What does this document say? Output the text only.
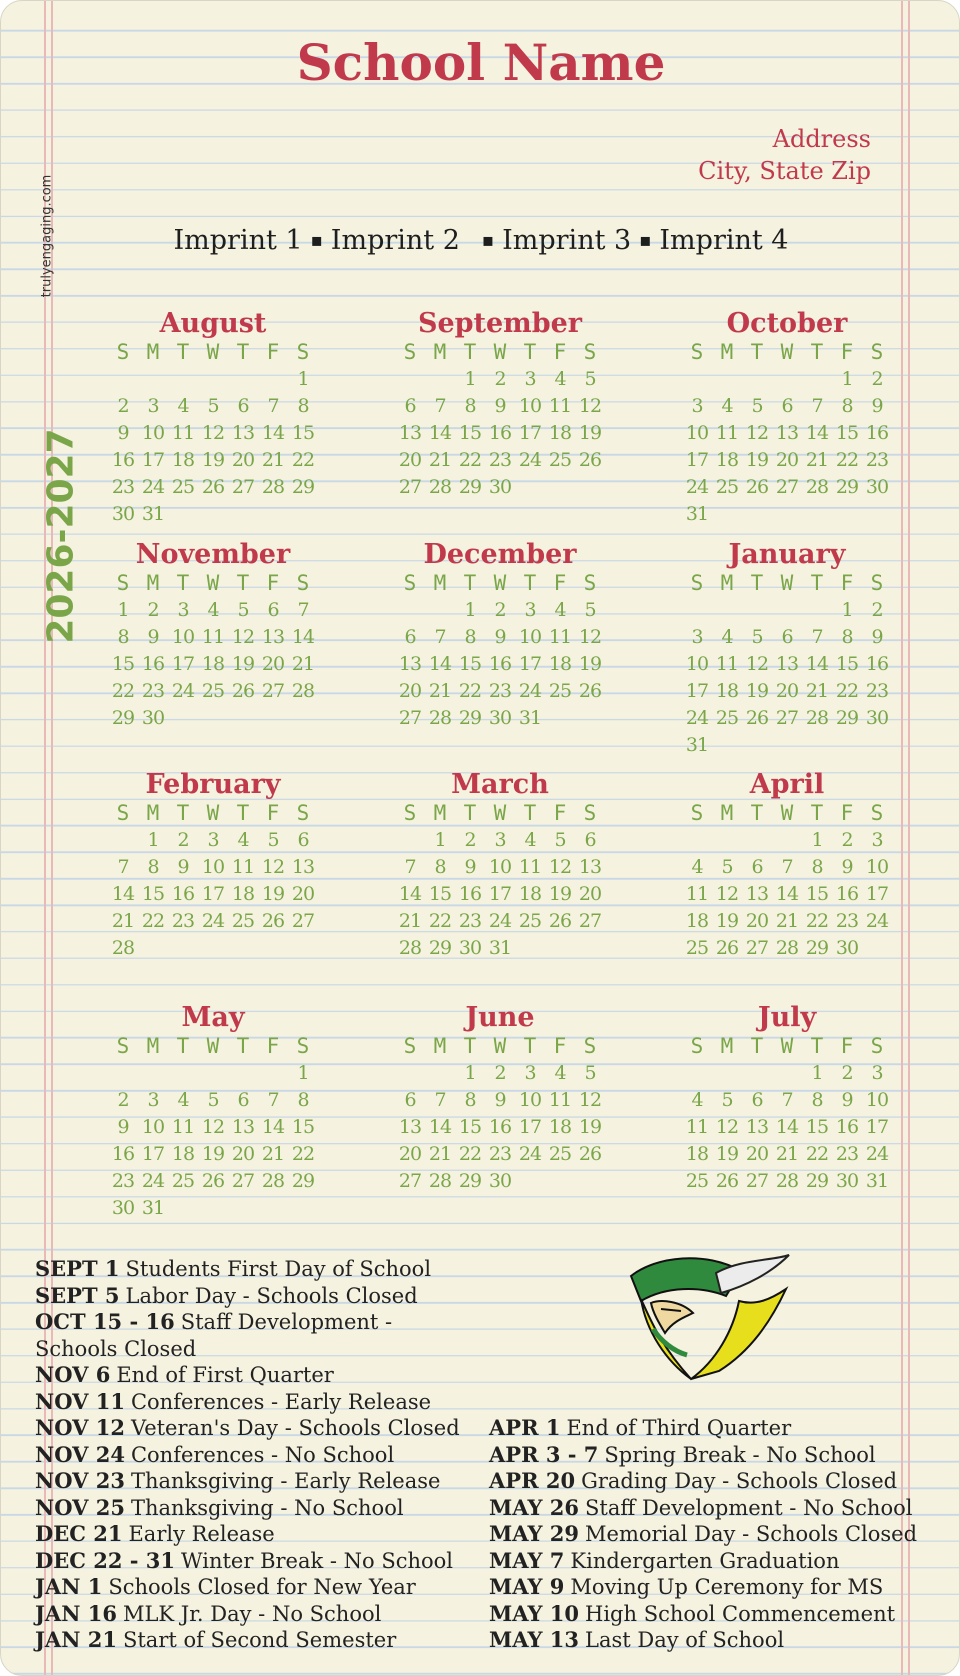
School Name
Address
City, State Zip
Imprint 1 ▪ Imprint 2 ▪ Imprint 3 ▪ Imprint 4
trulyengaging.com
2026-2027
August
S M T W T F S
1
2 3 4 5 6 7 8
9 10 11 12 13 14 15
16 17 18 19 20 21 22
23 24 25 26 27 28 29
30 31
September
S M T W T F S
1 2 3 4 5
6 7 8 9 10 11 12
13 14 15 16 17 18 19
20 21 22 23 24 25 26
27 28 29 30
October
S M T W T F S
1 2
3 4 5 6 7 8 9
10 11 12 13 14 15 16
17 18 19 20 21 22 23
24 25 26 27 28 29 30
31
November
S M T W T F S
1 2 3 4 5 6 7
8 9 10 11 12 13 14
15 16 17 18 19 20 21
22 23 24 25 26 27 28
29 30
December
S M T W T F S
1 2 3 4 5
6 7 8 9 10 11 12
13 14 15 16 17 18 19
20 21 22 23 24 25 26
27 28 29 30 31
January
S M T W T F S
1 2
3 4 5 6 7 8 9
10 11 12 13 14 15 16
17 18 19 20 21 22 23
24 25 26 27 28 29 30
31
February
S M T W T F S
1 2 3 4 5 6
7 8 9 10 11 12 13
14 15 16 17 18 19 20
21 22 23 24 25 26 27
28
March
S M T W T F S
1 2 3 4 5 6
7 8 9 10 11 12 13
14 15 16 17 18 19 20
21 22 23 24 25 26 27
28 29 30 31
April
S M T W T F S
1 2 3
4 5 6 7 8 9 10
11 12 13 14 15 16 17
18 19 20 21 22 23 24
25 26 27 28 29 30
May
S M T W T F S
1
2 3 4 5 6 7 8
9 10 11 12 13 14 15
16 17 18 19 20 21 22
23 24 25 26 27 28 29
30 31
June
S M T W T F S
1 2 3 4 5
6 7 8 9 10 11 12
13 14 15 16 17 18 19
20 21 22 23 24 25 26
27 28 29 30
July
S M T W T F S
1 2 3
4 5 6 7 8 9 10
11 12 13 14 15 16 17
18 19 20 21 22 23 24
25 26 27 28 29 30 31
SEPT 1 Students First Day of School
SEPT 5 Labor Day - Schools Closed
OCT 15 - 16 Staff Development -
Schools Closed
NOV 6 End of First Quarter
NOV 11 Conferences - Early Release
NOV 12 Veteran's Day - Schools Closed
NOV 24 Conferences - No School
NOV 23 Thanksgiving - Early Release
NOV 25 Thanksgiving - No School
DEC 21 Early Release
DEC 22 - 31 Winter Break - No School
JAN 1 Schools Closed for New Year
JAN 16 MLK Jr. Day - No School
JAN 21 Start of Second Semester
APR 1 End of Third Quarter
APR 3 - 7 Spring Break - No School
APR 20 Grading Day - Schools Closed
MAY 26 Staff Development - No School
MAY 29 Memorial Day - Schools Closed
MAY 7 Kindergarten Graduation
MAY 9 Moving Up Ceremony for MS
MAY 10 High School Commencement
MAY 13 Last Day of School
